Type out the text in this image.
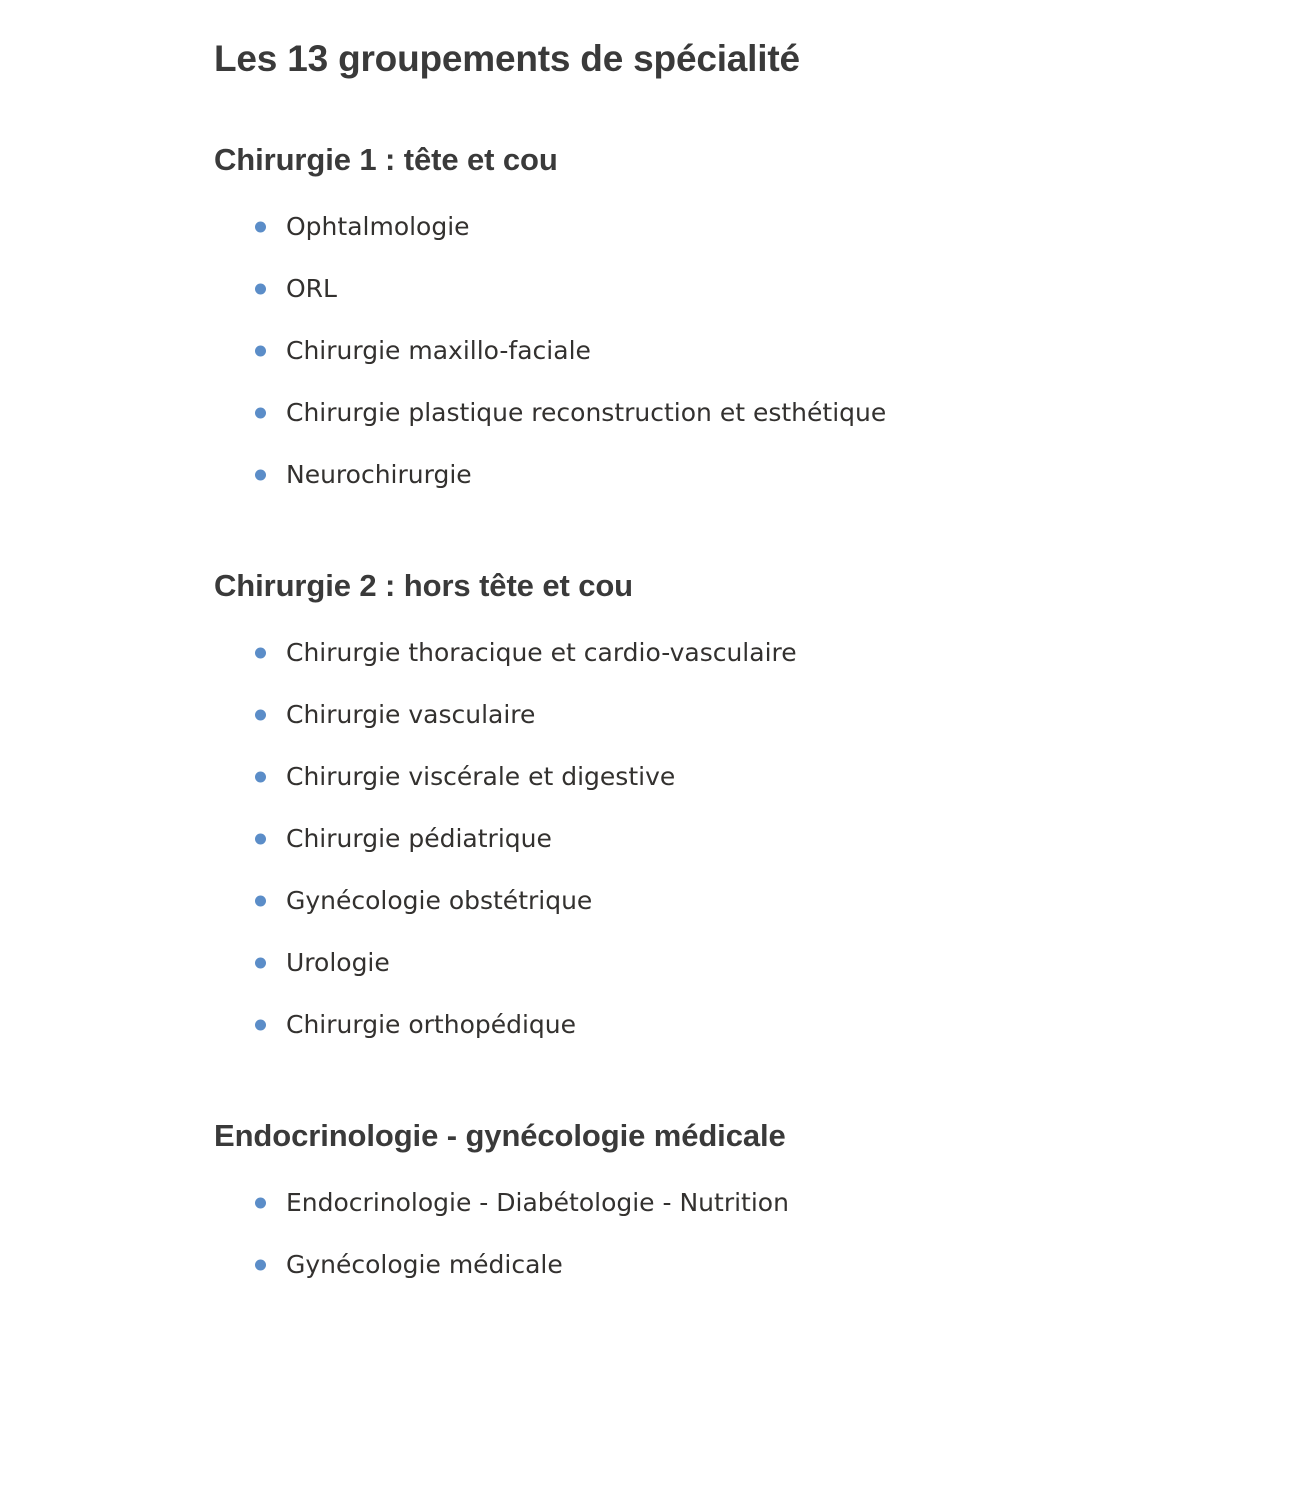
Les 13 groupements de spécialité
Chirurgie 1 : tête et cou
Ophtalmologie
ORL
Chirurgie maxillo-faciale
Chirurgie plastique reconstruction et esthétique
Neurochirurgie
Chirurgie 2 : hors tête et cou
Chirurgie thoracique et cardio-vasculaire
Chirurgie vasculaire
Chirurgie viscérale et digestive
Chirurgie pédiatrique
Gynécologie obstétrique
Urologie
Chirurgie orthopédique
Endocrinologie - gynécologie médicale
Endocrinologie - Diabétologie - Nutrition
Gynécologie médicale
